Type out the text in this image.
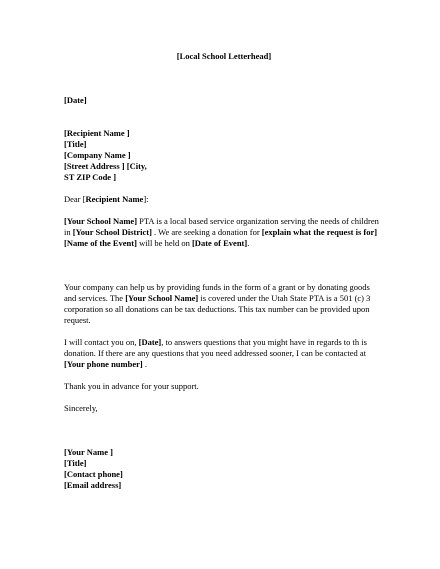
[Local School Letterhead]

[Date]

[Recipient Name ]

[Title]

[Company Name ]

[Street Address ] [City,

ST ZIP Code ]

Dear [Recipient Name]:

[Your School Name] PTA is a local based service organization serving the needs of children in [Your School District] . We are seeking a donation for [explain what the request is for] [Name of the Event] will be held on [Date of Event].

Your company can help us by providing funds in the form of a grant or by donating goods and services. The [Your School Name] is covered under the Utah State PTA is a 501 (c) 3 corporation so all donations can be tax deductions. This tax number can be provided upon request.

I will contact you on, [Date], to answers questions that you might have in regards to th is donation. If there are any questions that you need addressed sooner, I can be contacted at [Your phone number] .

Thank you in advance for your support.

Sincerely,

[Your Name ]

[Title]

[Contact phone]

[Email address]
